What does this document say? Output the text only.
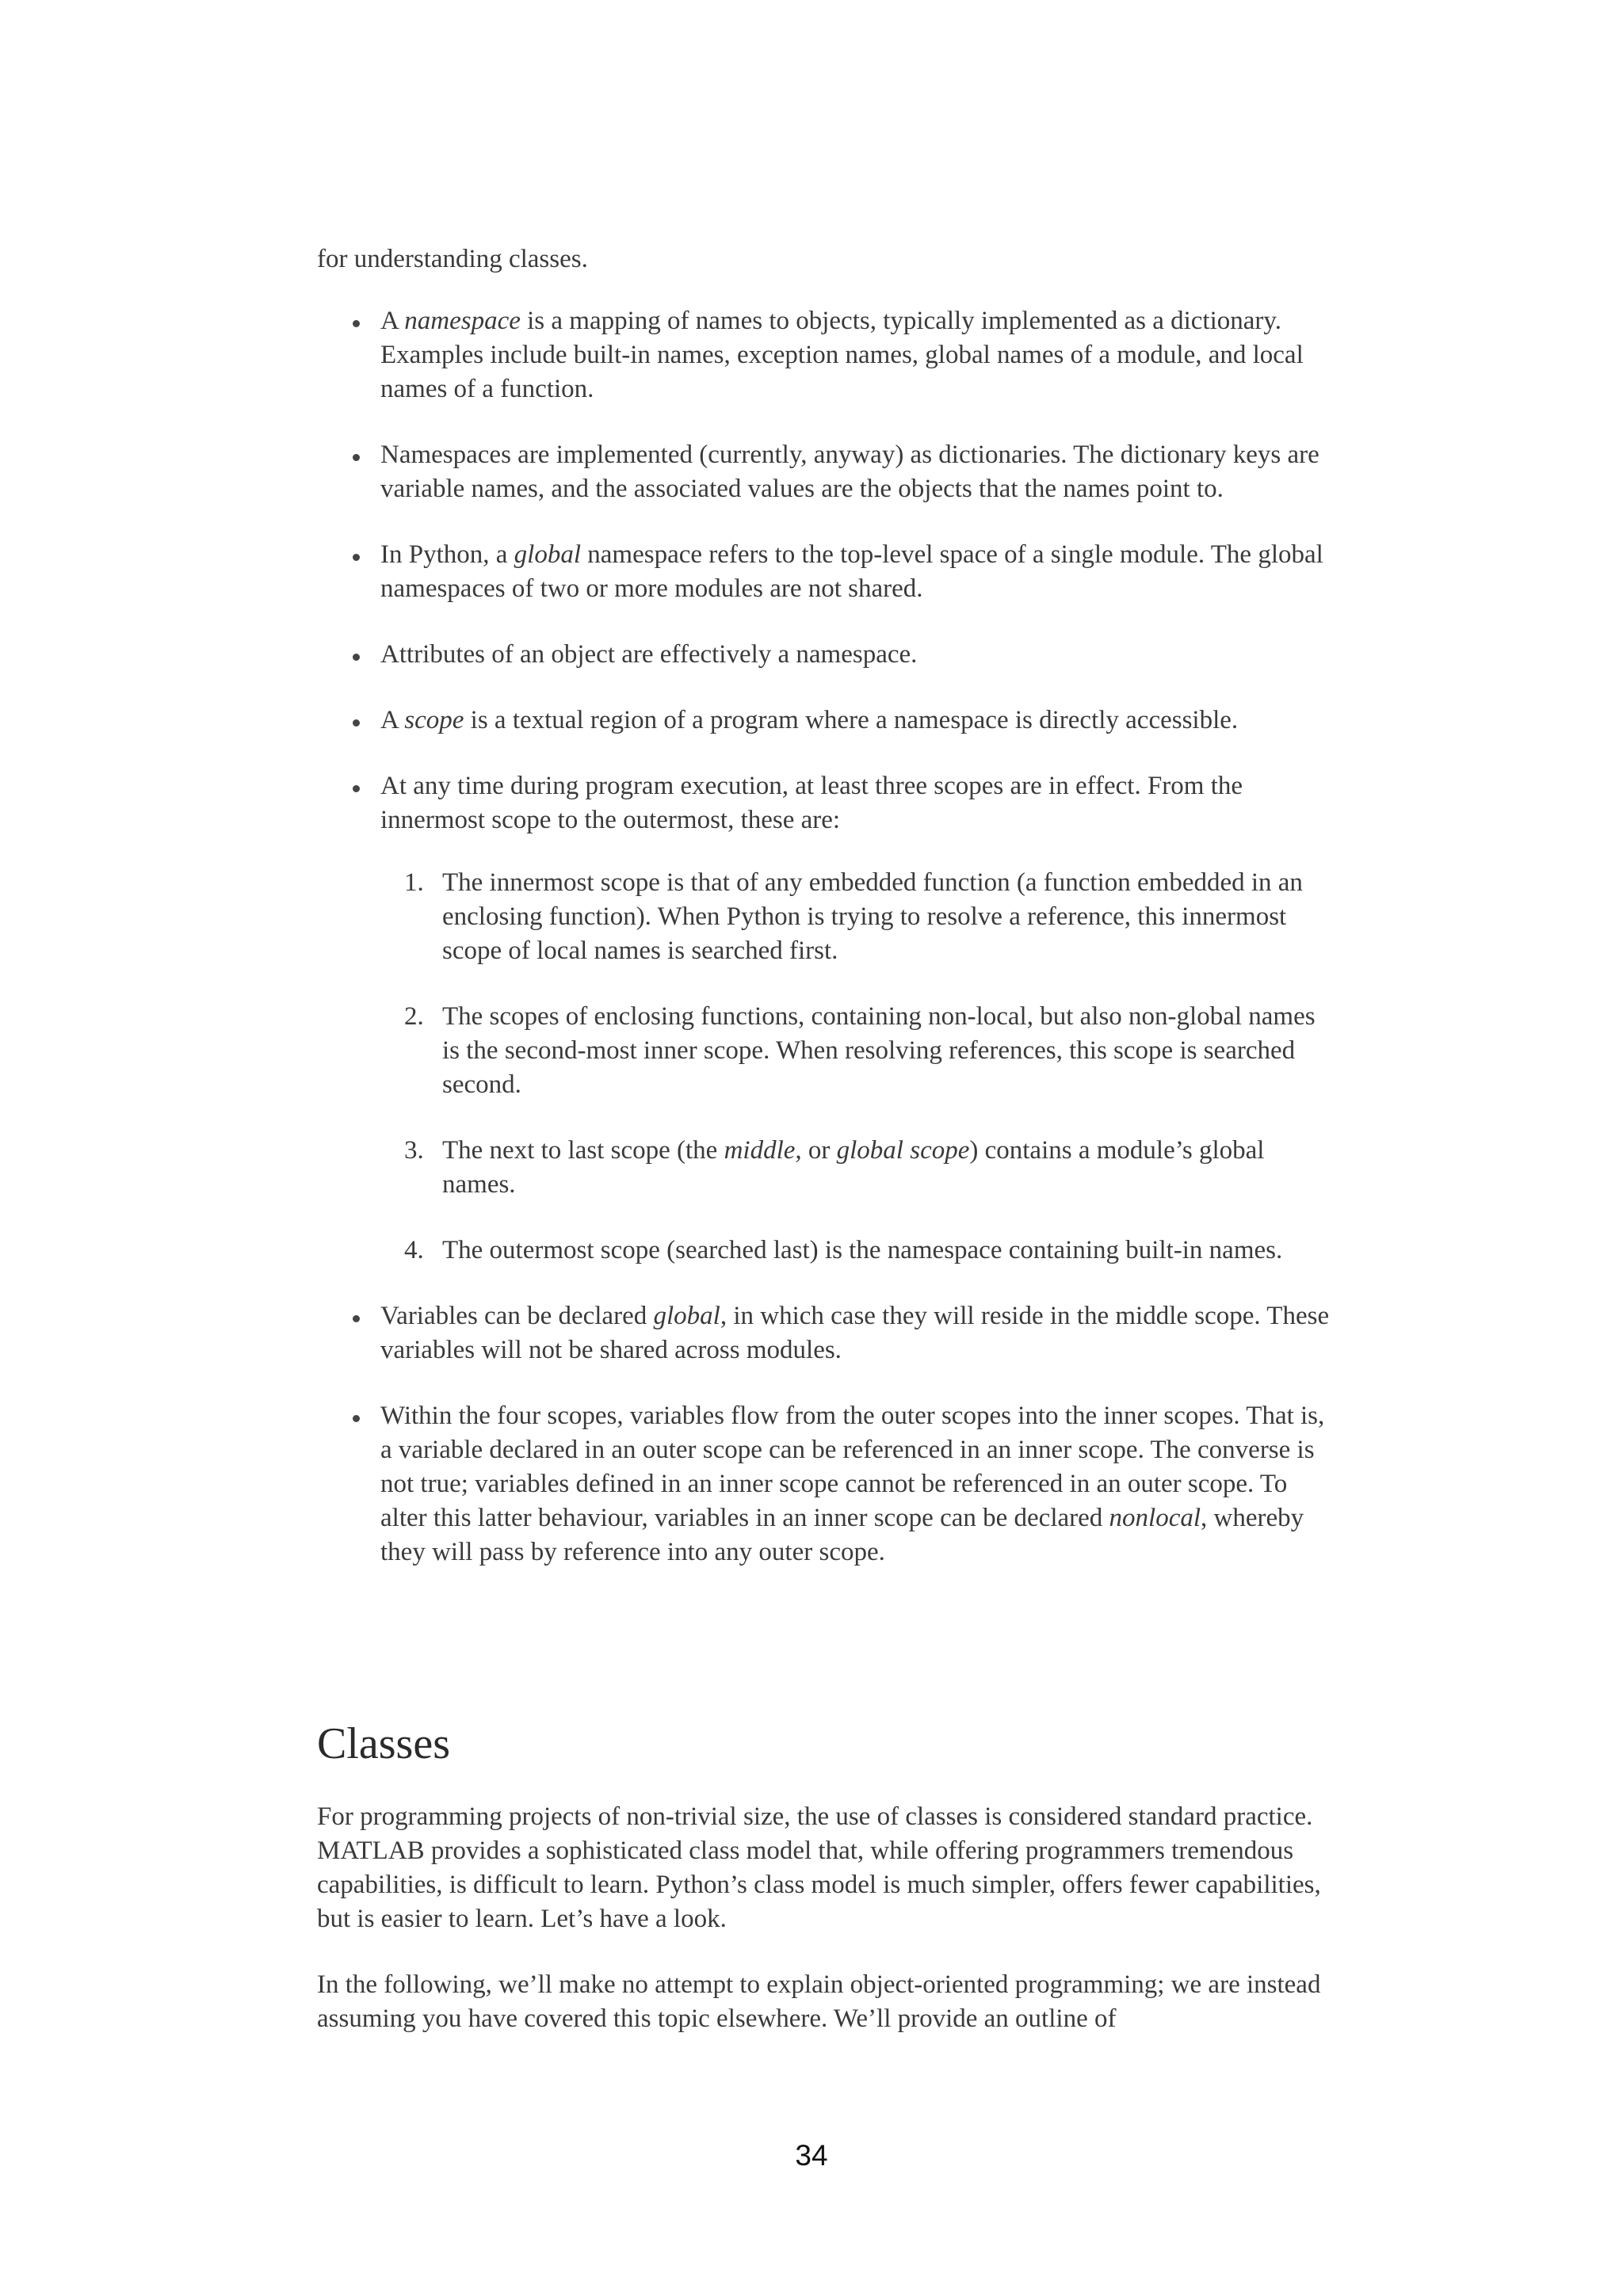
for understanding classes.

A namespace is a mapping of names to objects, typically implemented as a dictionary. Examples include built-in names, exception names, global names of a module, and local names of a function.
Namespaces are implemented (currently, anyway) as dictionaries. The dictionary keys are variable names, and the associated values are the objects that the names point to.
In Python, a global namespace refers to the top-level space of a single module. The global namespaces of two or more modules are not shared.
Attributes of an object are effectively a namespace.
A scope is a textual region of a program where a namespace is directly accessible.
At any time during program execution, at least three scopes are in effect. From the innermost scope to the outermost, these are:
1. The innermost scope is that of any embedded function (a function embedded in an enclosing function). When Python is trying to resolve a reference, this innermost scope of local names is searched first.
2. The scopes of enclosing functions, containing non-local, but also non-global names is the second-most inner scope. When resolving references, this scope is searched second.
3. The next to last scope (the middle, or global scope) contains a module’s global names.
4. The outermost scope (searched last) is the namespace containing built-in names.
Variables can be declared global, in which case they will reside in the middle scope. These variables will not be shared across modules.
Within the four scopes, variables flow from the outer scopes into the inner scopes. That is, a variable declared in an outer scope can be referenced in an inner scope. The converse is not true; variables defined in an inner scope cannot be referenced in an outer scope. To alter this latter behaviour, variables in an inner scope can be declared nonlocal, whereby they will pass by reference into any outer scope.
Classes

For programming projects of non-trivial size, the use of classes is considered standard practice. MATLAB provides a sophisticated class model that, while offering programmers tremendous capabilities, is difficult to learn. Python’s class model is much simpler, offers fewer capabilities, but is easier to learn. Let’s have a look.

In the following, we’ll make no attempt to explain object-oriented programming; we are instead assuming you have covered this topic elsewhere. We’ll provide an outline of

34
